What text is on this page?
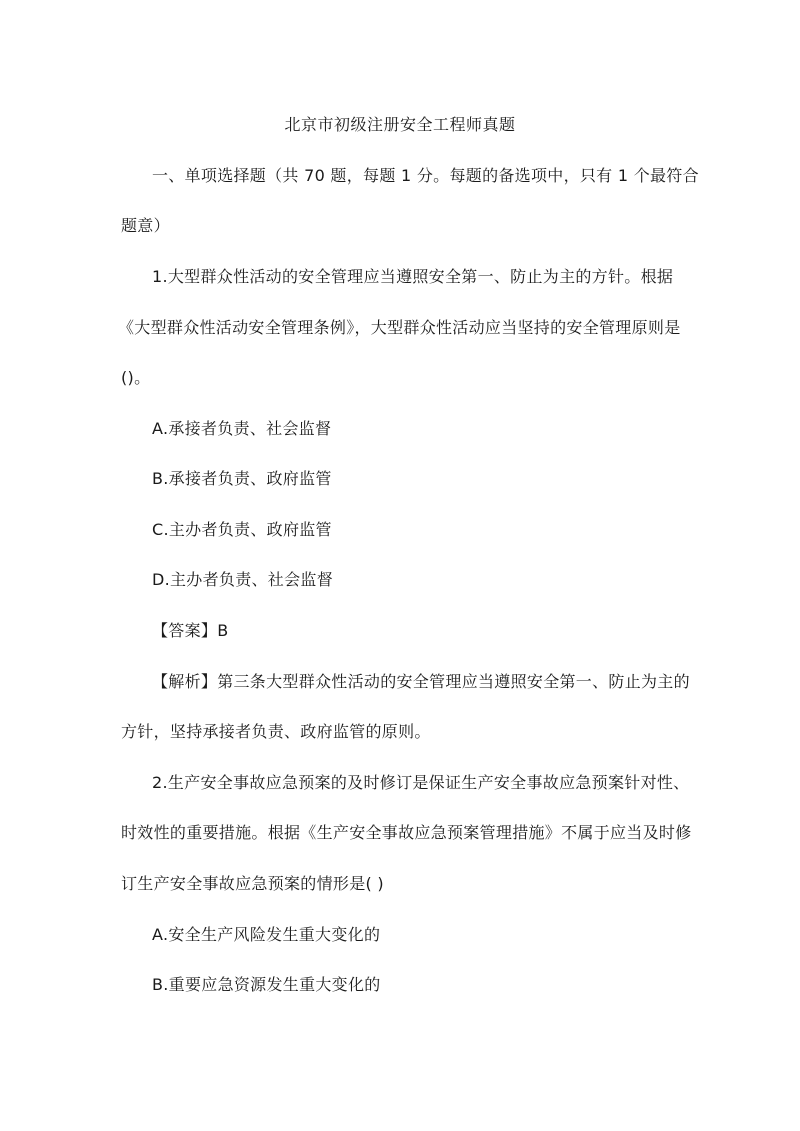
北京市初级注册安全工程师真题
一、单项选择题（共 70 题，每题 1 分。每题的备选项中，只有 1 个最符合
题意）
1.大型群众性活动的安全管理应当遵照安全第一、防止为主的方针。根据
《大型群众性活动安全管理条例》，大型群众性活动应当坚持的安全管理原则是
()。
A.承接者负责、社会监督
B.承接者负责、政府监管
C.主办者负责、政府监管
D.主办者负责、社会监督
【答案】B
【解析】第三条大型群众性活动的安全管理应当遵照安全第一、防止为主的
方针，坚持承接者负责、政府监管的原则。
2.生产安全事故应急预案的及时修订是保证生产安全事故应急预案针对性、
时效性的重要措施。根据《生产安全事故应急预案管理措施》不属于应当及时修
订生产安全事故应急预案的情形是( )
A.安全生产风险发生重大变化的
B.重要应急资源发生重大变化的
